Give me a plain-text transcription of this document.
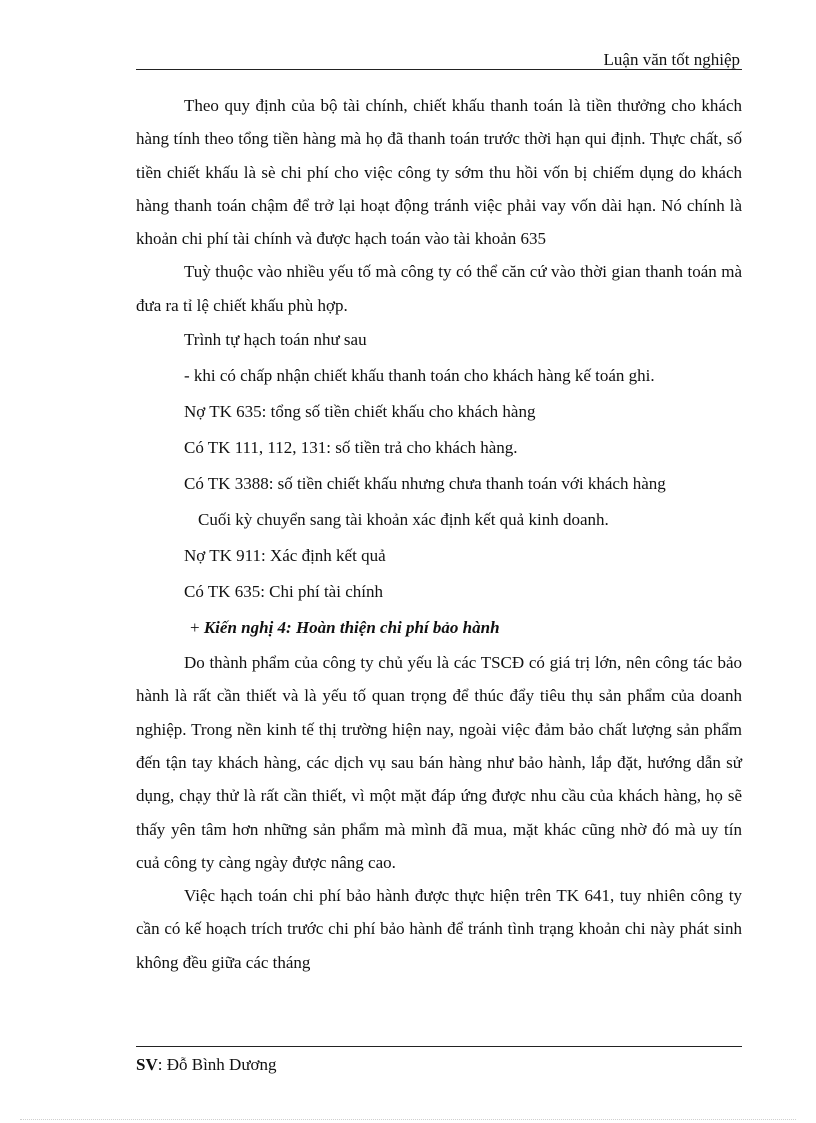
Luận văn tốt nghiệp

Theo quy định của bộ tài chính, chiết khấu thanh toán là tiền thưởng cho khách hàng tính theo tổng tiền hàng mà họ đã thanh toán trước thời hạn qui định. Thực chất, số tiền chiết khấu là sè chi phí cho việc công ty sớm thu hồi vốn bị chiếm dụng do khách hàng thanh toán chậm để trở lại hoạt động tránh việc phải vay vốn dài hạn. Nó chính là khoản chi phí tài chính và được hạch toán vào tài khoản 635

Tuỳ thuộc vào nhiều yếu tố mà công ty có thể căn cứ vào thời gian thanh toán mà đưa ra tỉ lệ chiết khấu phù hợp.

Trình tự hạch toán như sau

- khi có chấp nhận chiết khấu thanh toán cho khách hàng kế toán ghi.

Nợ TK 635: tổng số tiền chiết khấu cho khách hàng

Có TK 111, 112, 131: số tiền trả cho khách hàng.

Có TK 3388: số tiền chiết khấu nhưng chưa thanh toán với khách hàng

Cuối kỳ chuyển sang tài khoản xác định kết quả kinh doanh.

Nợ TK 911: Xác định kết quả

Có TK 635: Chi phí tài chính

+ Kiến nghị 4: Hoàn thiện chi phí bảo hành

Do thành phẩm của công ty chủ yếu là các TSCĐ có giá trị lớn, nên công tác bảo hành là rất cần thiết và là yếu tố quan trọng để thúc đẩy tiêu thụ sản phẩm của doanh nghiệp. Trong nền kinh tế thị trường hiện nay, ngoài việc đảm bảo chất lượng sản phẩm đến tận tay khách hàng, các dịch vụ sau bán hàng như bảo hành, lắp đặt, hướng dẫn sử dụng, chạy thử là rất cần thiết, vì một mặt đáp ứng được nhu cầu của khách hàng, họ sẽ thấy yên tâm hơn những sản phẩm mà mình đã mua, mặt khác cũng nhờ đó mà uy tín cuả công ty càng ngày được nâng cao.

Việc hạch toán chi phí bảo hành được thực hiện trên TK 641, tuy nhiên công ty cần có kế hoạch trích trước chi phí bảo hành để tránh tình trạng khoản chi này phát sinh không đều giữa các tháng

SV: Đỗ Bình Dương
